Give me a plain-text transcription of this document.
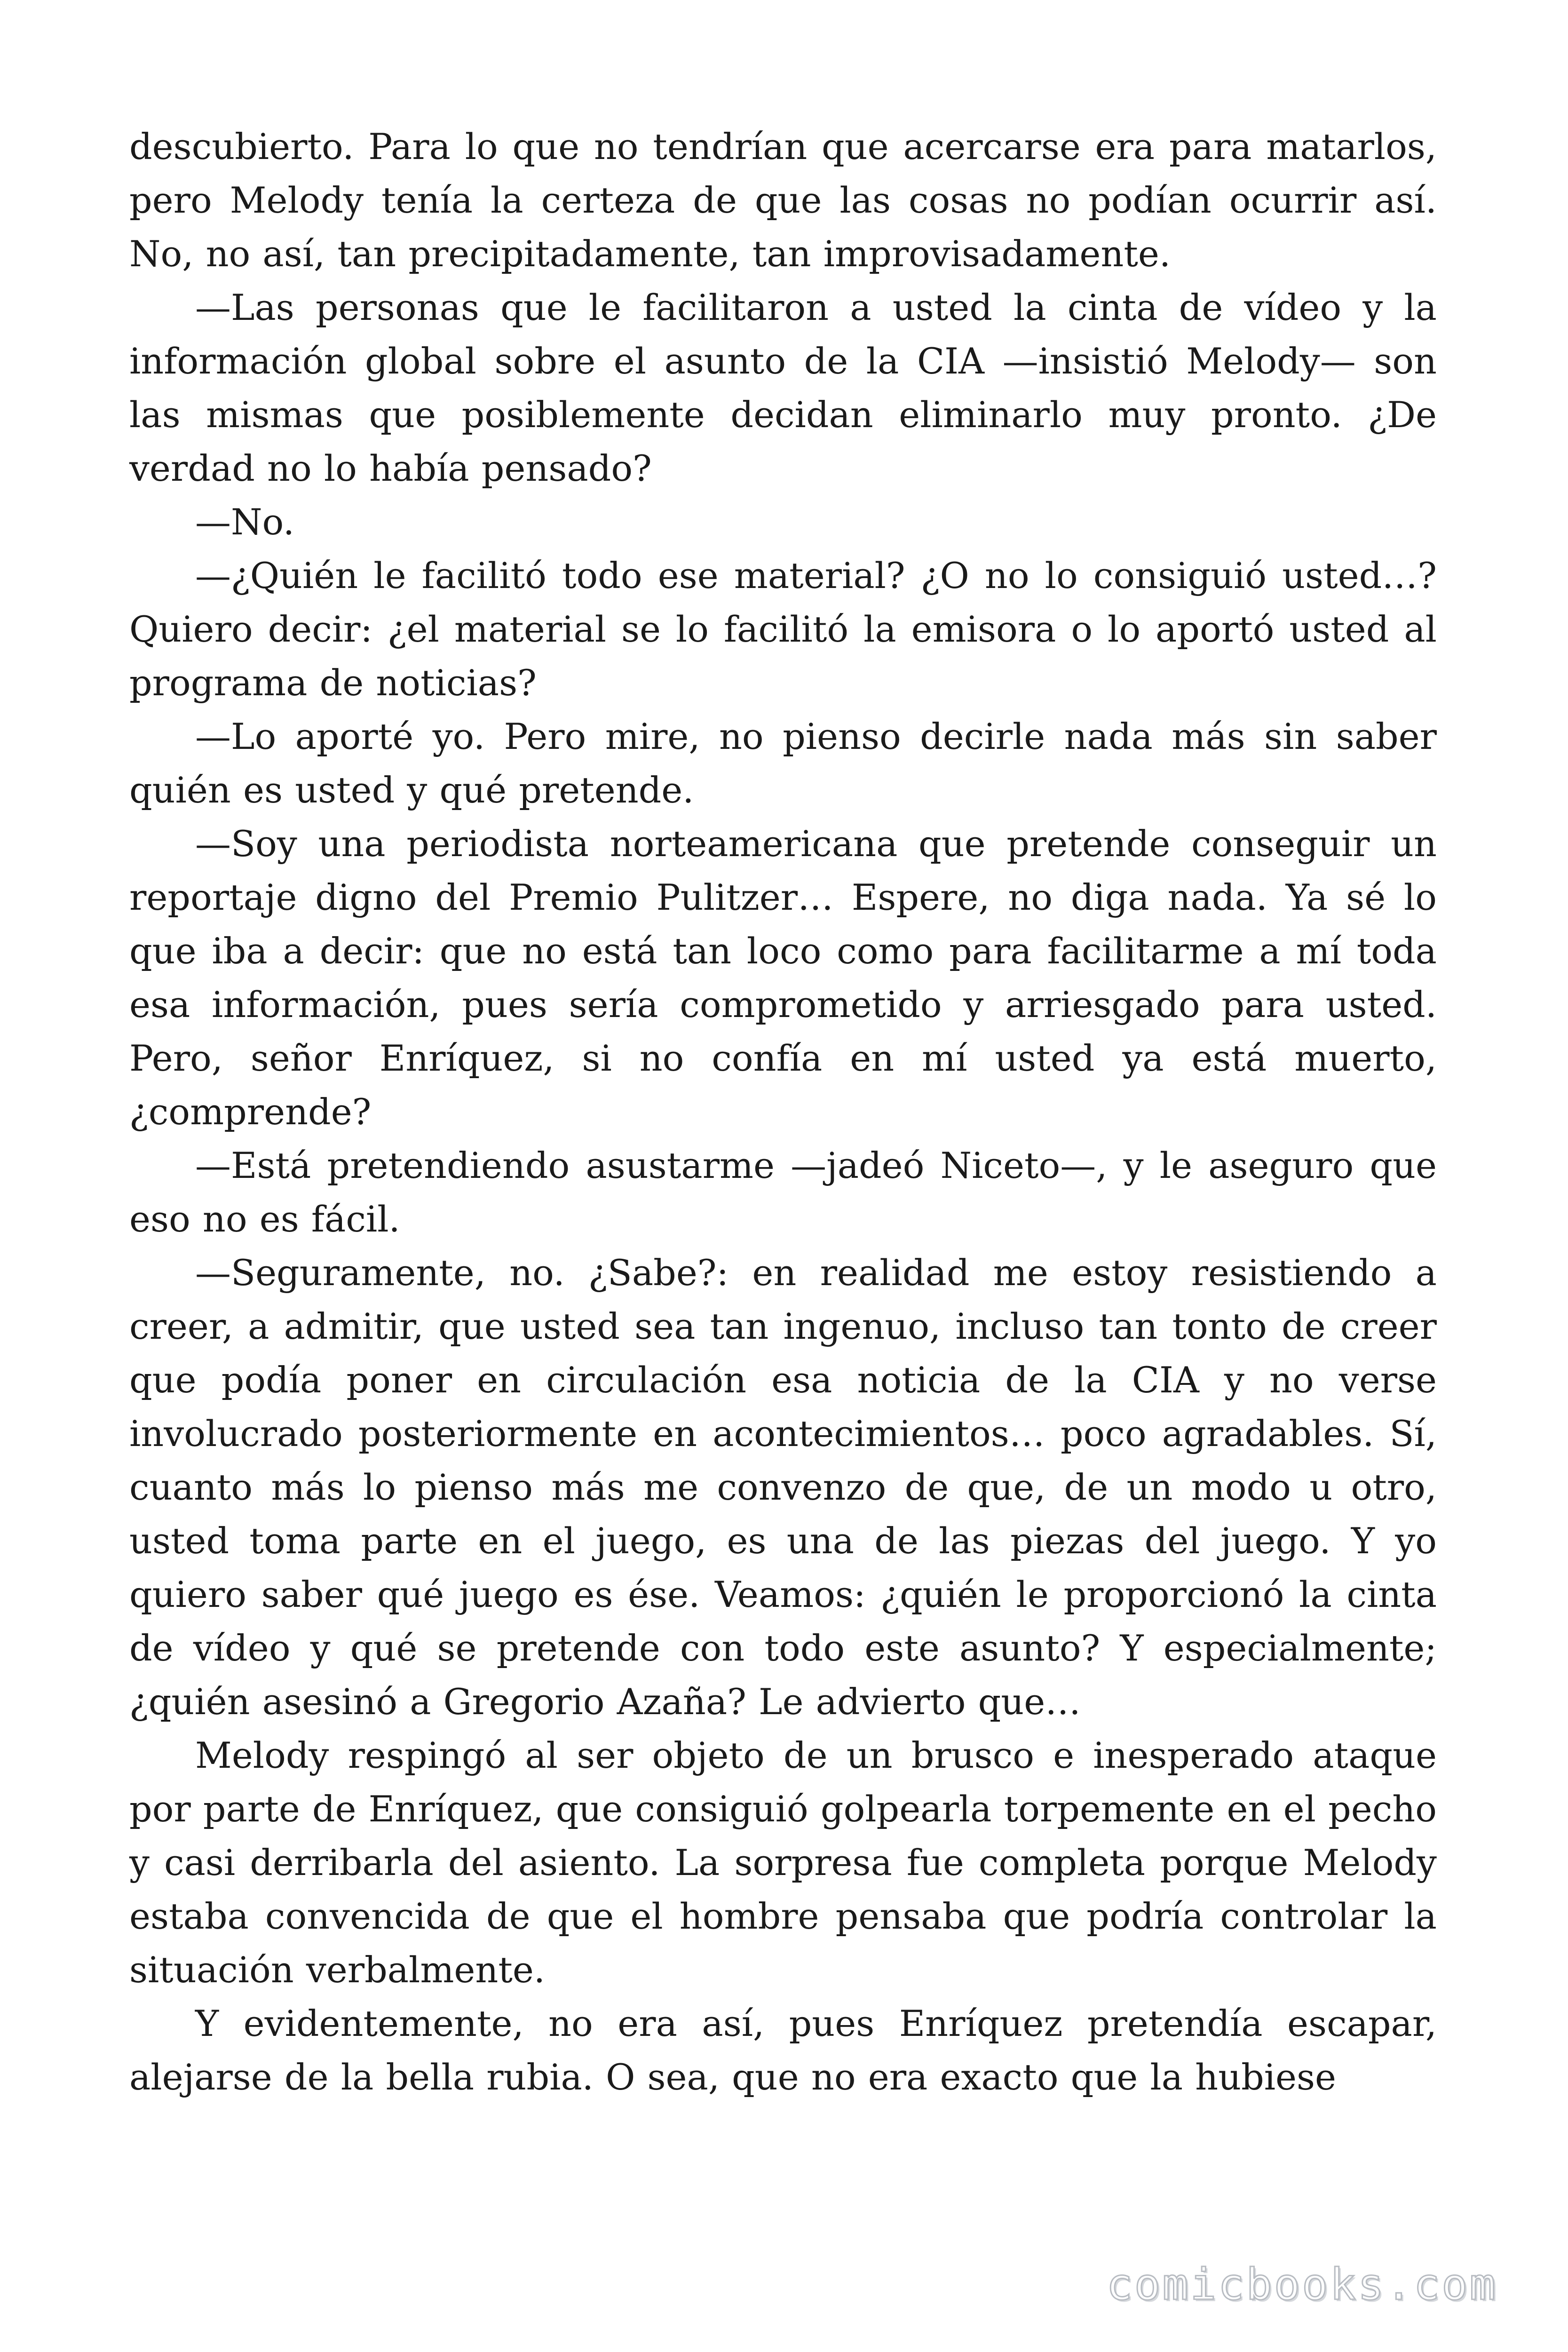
descubierto. Para lo que no tendrían que acercarse era para matarlos, pero Melody tenía la certeza de que las cosas no podían ocurrir así. No, no así, tan precipitadamente, tan improvisadamente.

—Las personas que le facilitaron a usted la cinta de vídeo y la información global sobre el asunto de la CIA —insistió Melody— son las mismas que posiblemente decidan eliminarlo muy pronto. ¿De verdad no lo había pensado?

—No.

—¿Quién le facilitó todo ese material? ¿O no lo consiguió usted…? Quiero decir: ¿el material se lo facilitó la emisora o lo aportó usted al programa de noticias?

—Lo aporté yo. Pero mire, no pienso decirle nada más sin saber quién es usted y qué pretende.

—Soy una periodista norteamericana que pretende conseguir un reportaje digno del Premio Pulitzer… Espere, no diga nada. Ya sé lo que iba a decir: que no está tan loco como para facilitarme a mí toda esa información, pues sería comprometido y arriesgado para usted. Pero, señor Enríquez, si no confía en mí usted ya está muerto, ¿comprende?

—Está pretendiendo asustarme —jadeó Niceto—, y le aseguro que eso no es fácil.

—Seguramente, no. ¿Sabe?: en realidad me estoy resistiendo a creer, a admitir, que usted sea tan ingenuo, incluso tan tonto de creer que podía poner en circulación esa noticia de la CIA y no verse involucrado posteriormente en acontecimientos… poco agradables. Sí, cuanto más lo pienso más me convenzo de que, de un modo u otro, usted toma parte en el juego, es una de las piezas del juego. Y yo quiero saber qué juego es ése. Veamos: ¿quién le proporcionó la cinta de vídeo y qué se pretende con todo este asunto? Y especialmente; ¿quién asesinó a Gregorio Azaña? Le advierto que…

Melody respingó al ser objeto de un brusco e inesperado ataque por parte de Enríquez, que consiguió golpearla torpemente en el pecho y casi derribarla del asiento. La sorpresa fue completa porque Melody estaba convencida de que el hombre pensaba que podría controlar la situación verbalmente.

Y evidentemente, no era así, pues Enríquez pretendía escapar, alejarse de la bella rubia. O sea, que no era exacto que la hubiese

comicbooks.com
